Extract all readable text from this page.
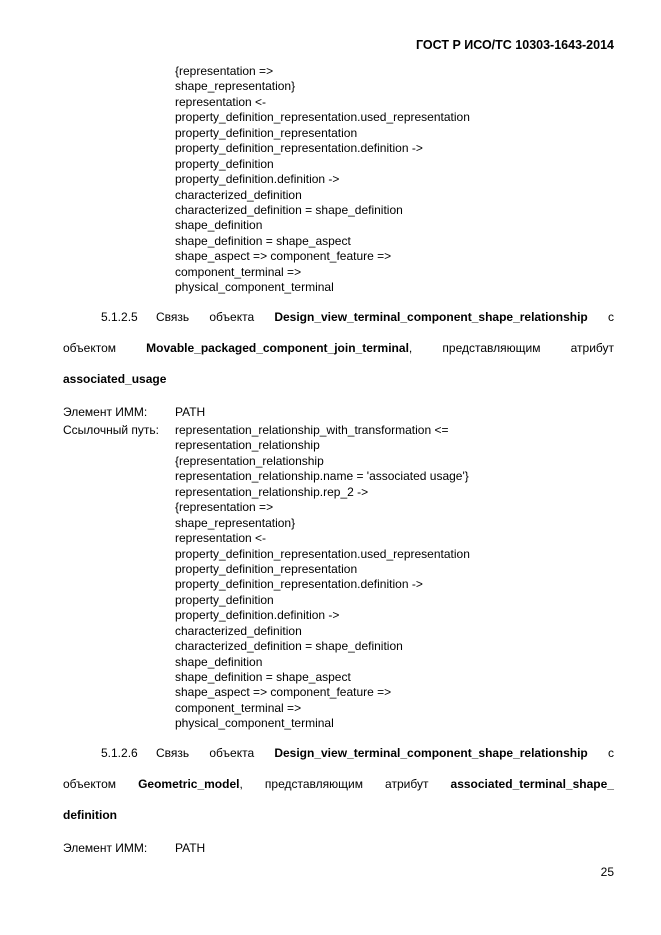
ГОСТ Р ИСО/ТС 10303-1643-2014
{representation =>
shape_representation}
representation <-
property_definition_representation.used_representation
property_definition_representation
property_definition_representation.definition ->
property_definition
property_definition.definition ->
characterized_definition
characterized_definition = shape_definition
shape_definition
shape_definition = shape_aspect
shape_aspect => component_feature =>
component_terminal =>
physical_component_terminal
5.1.2.5 Связь объекта Design_view_terminal_component_shape_relationship с
объектом	Movable_packaged_component_join_terminal,	представляющим	атрибут
associated_usage
Элемент ИММ: PATH
Ссылочный путь: representation_relationship_with_transformation <=
representation_relationship
{representation_relationship
representation_relationship.name = 'associated usage'}
representation_relationship.rep_2 ->
{representation =>
shape_representation}
representation <-
property_definition_representation.used_representation
property_definition_representation
property_definition_representation.definition ->
property_definition
property_definition.definition ->
characterized_definition
characterized_definition = shape_definition
shape_definition
shape_definition = shape_aspect
shape_aspect => component_feature =>
component_terminal =>
physical_component_terminal
5.1.2.6 Связь объекта Design_view_terminal_component_shape_relationship с
объектом Geometric_model, представляющим атрибут associated_terminal_shape_
definition
Элемент ИММ: PATH
25
